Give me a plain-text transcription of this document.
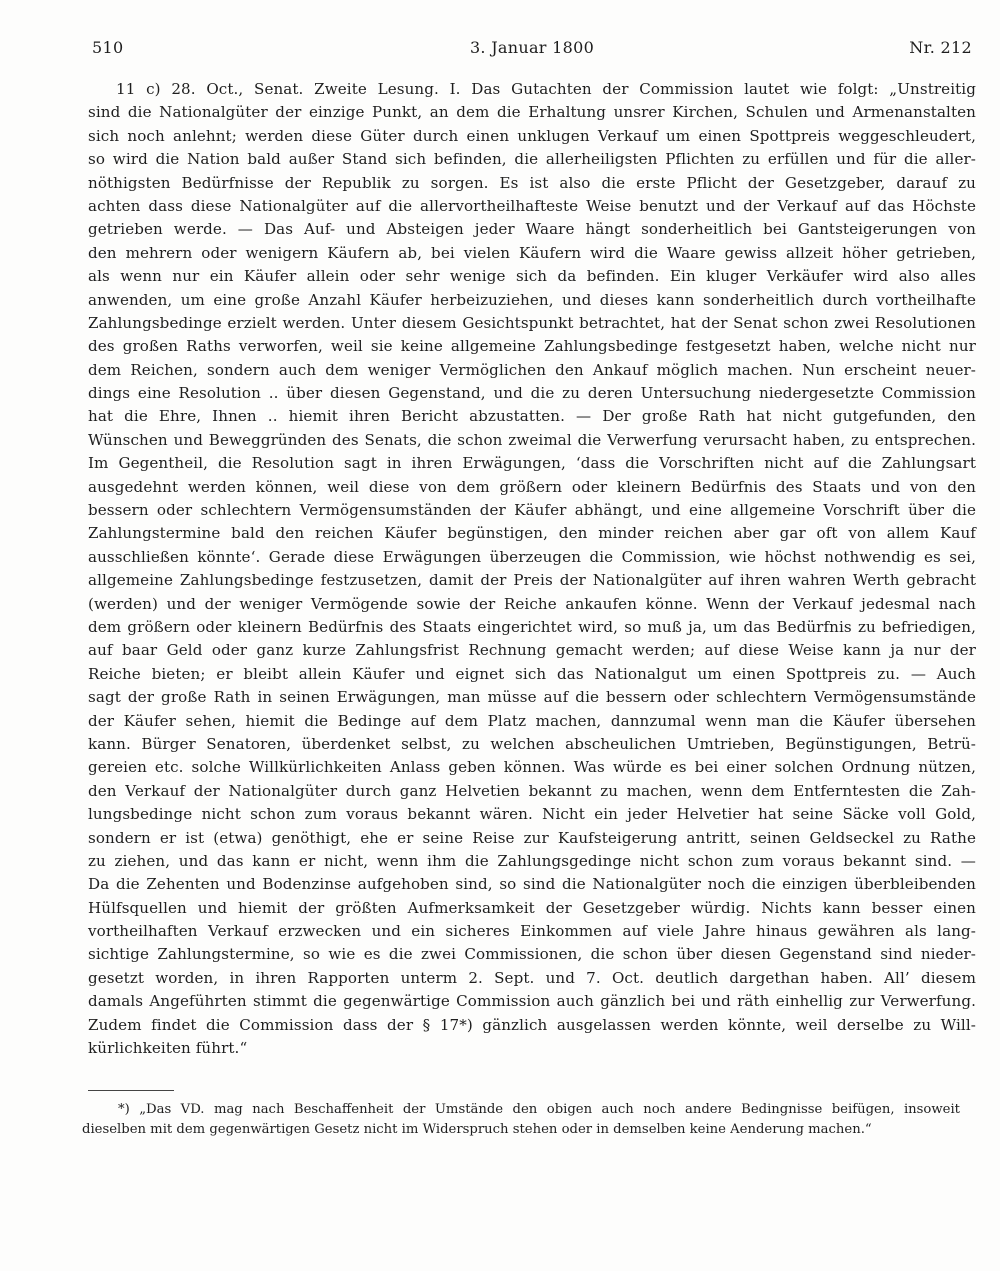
510	3. Januar 1800	Nr. 212
11 c) 28. Oct., Senat. Zweite Lesung. I. Das Gutachten der Commission lautet wie folgt: „Unstreitig
sind die Nationalgüter der einzige Punkt, an dem die Erhaltung unsrer Kirchen, Schulen und Armenanstalten
sich noch anlehnt; werden diese Güter durch einen unklugen Verkauf um einen Spottpreis weggeschleudert,
so wird die Nation bald außer Stand sich befinden, die allerheiligsten Pflichten zu erfüllen und für die aller-
nöthigsten Bedürfnisse der Republik zu sorgen. Es ist also die erste Pflicht der Gesetzgeber, darauf zu
achten dass diese Nationalgüter auf die allervortheilhafteste Weise benutzt und der Verkauf auf das Höchste
getrieben werde. — Das Auf- und Absteigen jeder Waare hängt sonderheitlich bei Gantsteigerungen von
den mehrern oder wenigern Käufern ab, bei vielen Käufern wird die Waare gewiss allzeit höher getrieben,
als wenn nur ein Käufer allein oder sehr wenige sich da befinden. Ein kluger Verkäufer wird also alles
anwenden, um eine große Anzahl Käufer herbeizuziehen, und dieses kann sonderheitlich durch vortheilhafte
Zahlungsbedinge erzielt werden. Unter diesem Gesichtspunkt betrachtet, hat der Senat schon zwei Resolutionen
des großen Raths verworfen, weil sie keine allgemeine Zahlungsbedinge festgesetzt haben, welche nicht nur
dem Reichen, sondern auch dem weniger Vermöglichen den Ankauf möglich machen. Nun erscheint neuer-
dings eine Resolution .. über diesen Gegenstand, und die zu deren Untersuchung niedergesetzte Commission
hat die Ehre, Ihnen .. hiemit ihren Bericht abzustatten. — Der große Rath hat nicht gutgefunden, den
Wünschen und Beweggründen des Senats, die schon zweimal die Verwerfung verursacht haben, zu entsprechen.
Im Gegentheil, die Resolution sagt in ihren Erwägungen, ‘dass die Vorschriften nicht auf die Zahlungsart
ausgedehnt werden können, weil diese von dem größern oder kleinern Bedürfnis des Staats und von den
bessern oder schlechtern Vermögensumständen der Käufer abhängt, und eine allgemeine Vorschrift über die
Zahlungstermine bald den reichen Käufer begünstigen, den minder reichen aber gar oft von allem Kauf
ausschließen könnte‘. Gerade diese Erwägungen überzeugen die Commission, wie höchst nothwendig es sei,
allgemeine Zahlungsbedinge festzusetzen, damit der Preis der Nationalgüter auf ihren wahren Werth gebracht
(werden) und der weniger Vermögende sowie der Reiche ankaufen könne. Wenn der Verkauf jedesmal nach
dem größern oder kleinern Bedürfnis des Staats eingerichtet wird, so muß ja, um das Bedürfnis zu befriedigen,
auf baar Geld oder ganz kurze Zahlungsfrist Rechnung gemacht werden; auf diese Weise kann ja nur der
Reiche bieten; er bleibt allein Käufer und eignet sich das Nationalgut um einen Spottpreis zu. — Auch
sagt der große Rath in seinen Erwägungen, man müsse auf die bessern oder schlechtern Vermögensumstände
der Käufer sehen, hiemit die Bedinge auf dem Platz machen, dannzumal wenn man die Käufer übersehen
kann. Bürger Senatoren, überdenket selbst, zu welchen abscheulichen Umtrieben, Begünstigungen, Betrü-
gereien etc. solche Willkürlichkeiten Anlass geben können. Was würde es bei einer solchen Ordnung nützen,
den Verkauf der Nationalgüter durch ganz Helvetien bekannt zu machen, wenn dem Entferntesten die Zah-
lungsbedinge nicht schon zum voraus bekannt wären. Nicht ein jeder Helvetier hat seine Säcke voll Gold,
sondern er ist (etwa) genöthigt, ehe er seine Reise zur Kaufsteigerung antritt, seinen Geldseckel zu Rathe
zu ziehen, und das kann er nicht, wenn ihm die Zahlungsgedinge nicht schon zum voraus bekannt sind. —
Da die Zehenten und Bodenzinse aufgehoben sind, so sind die Nationalgüter noch die einzigen überbleibenden
Hülfsquellen und hiemit der größten Aufmerksamkeit der Gesetzgeber würdig. Nichts kann besser einen
vortheilhaften Verkauf erzwecken und ein sicheres Einkommen auf viele Jahre hinaus gewähren als lang-
sichtige Zahlungstermine, so wie es die zwei Commissionen, die schon über diesen Gegenstand sind nieder-
gesetzt worden, in ihren Rapporten unterm 2. Sept. und 7. Oct. deutlich dargethan haben. All’ diesem
damals Angeführten stimmt die gegenwärtige Commission auch gänzlich bei und räth einhellig zur Verwerfung.
Zudem findet die Commission dass der § 17*) gänzlich ausgelassen werden könnte, weil derselbe zu Will-
kürlichkeiten führt.“
*) „Das VD. mag nach Beschaffenheit der Umstände den obigen auch noch andere Bedingnisse beifügen, insoweit
dieselben mit dem gegenwärtigen Gesetz nicht im Widerspruch stehen oder in demselben keine Aenderung machen.“
